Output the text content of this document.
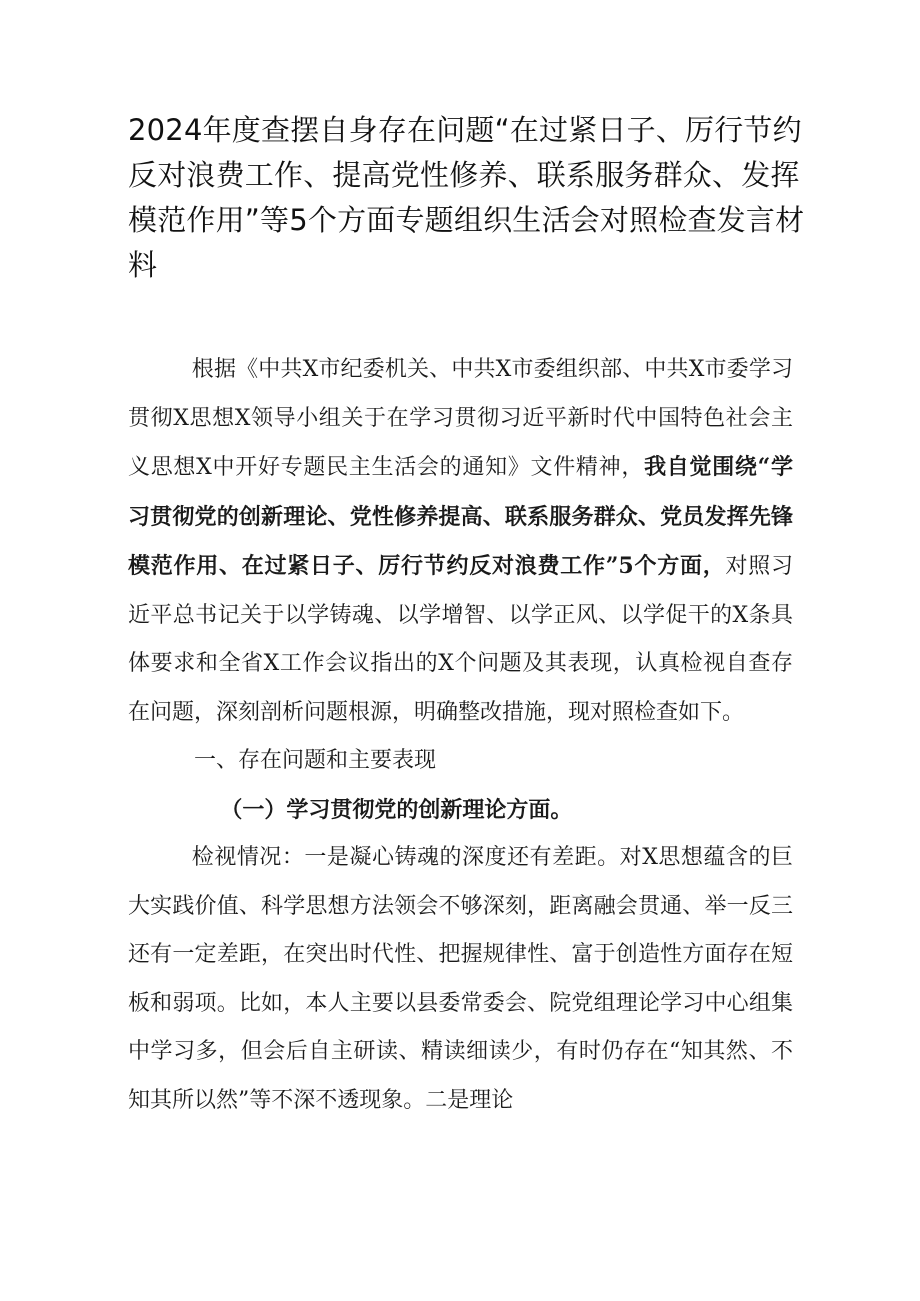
2024年度查摆自身存在问题“在过紧日子、厉行节约反对浪费工作、提高党性修养、联系服务群众、发挥模范作用”等5个方面专题组织生活会对照检查发言材料

根据《中共X市纪委机关、中共X市委组织部、中共X市委学习贯彻X思想X领导小组关于在学习贯彻习近平新时代中国特色社会主义思想X中开好专题民主生活会的通知》文件精神，我自觉围绕“学习贯彻党的创新理论、党性修养提高、联系服务群众、党员发挥先锋模范作用、在过紧日子、厉行节约反对浪费工作”5个方面，对照习近平总书记关于以学铸魂、以学增智、以学正风、以学促干的X条具体要求和全省X工作会议指出的X个问题及其表现，认真检视自查存在问题，深刻剖析问题根源，明确整改措施，现对照检查如下。

一、存在问题和主要表现

（一）学习贯彻党的创新理论方面。

检视情况：一是凝心铸魂的深度还有差距。对X思想蕴含的巨大实践价值、科学思想方法领会不够深刻，距离融会贯通、举一反三还有一定差距，在突出时代性、把握规律性、富于创造性方面存在短板和弱项。比如，本人主要以县委常委会、院党组理论学习中心组集中学习多，但会后自主研读、精读细读少，有时仍存在“知其然、不知其所以然”等不深不透现象。二是理论
